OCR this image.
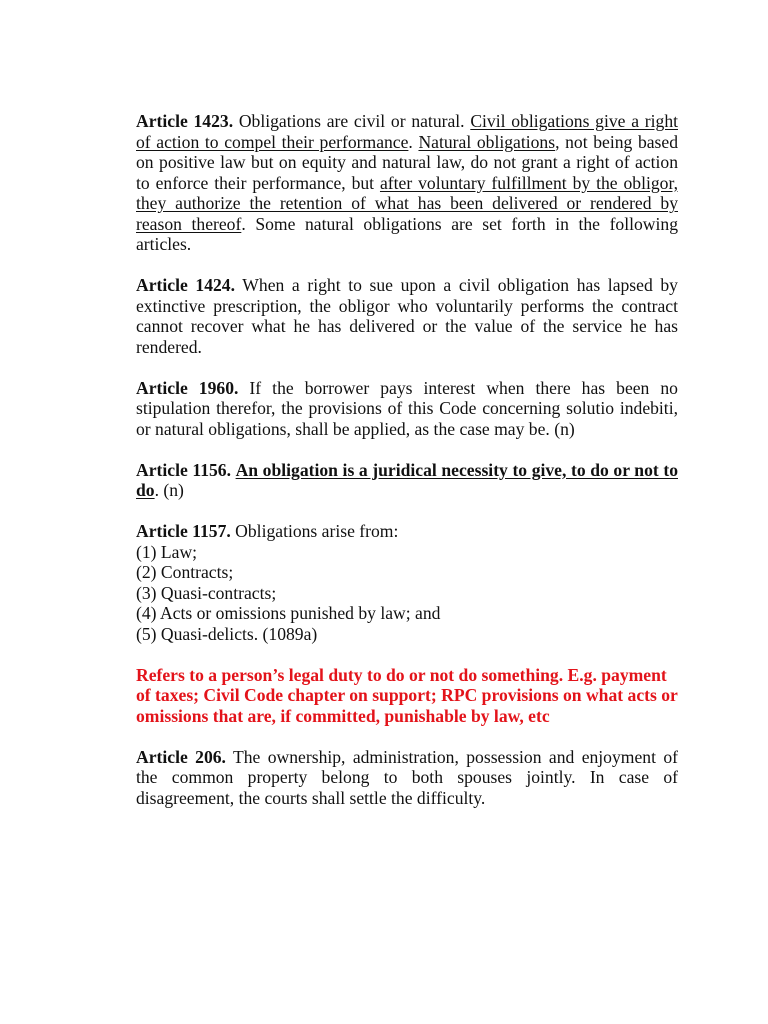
Article 1423. Obligations are civil or natural. Civil obligations give a right of action to compel their performance. Natural obligations, not being based on positive law but on equity and natural law, do not grant a right of action to enforce their performance, but after voluntary fulfillment by the obligor, they authorize the retention of what has been delivered or rendered by reason thereof. Some natural obligations are set forth in the following articles.

Article 1424. When a right to sue upon a civil obligation has lapsed by extinctive prescription, the obligor who voluntarily performs the contract cannot recover what he has delivered or the value of the service he has rendered.

Article 1960. If the borrower pays interest when there has been no stipulation therefor, the provisions of this Code concerning solutio indebiti, or natural obligations, shall be applied, as the case may be. (n)

Article 1156. An obligation is a juridical necessity to give, to do or not to do. (n)

Article 1157. Obligations arise from:
(1) Law;
(2) Contracts;
(3) Quasi-contracts;
(4) Acts or omissions punished by law; and
(5) Quasi-delicts. (1089a)

Refers to a person’s legal duty to do or not do something. E.g. payment of taxes; Civil Code chapter on support; RPC provisions on what acts or omissions that are, if committed, punishable by law, etc

Article 206. The ownership, administration, possession and enjoyment of the common property belong to both spouses jointly. In case of disagreement, the courts shall settle the difficulty.
